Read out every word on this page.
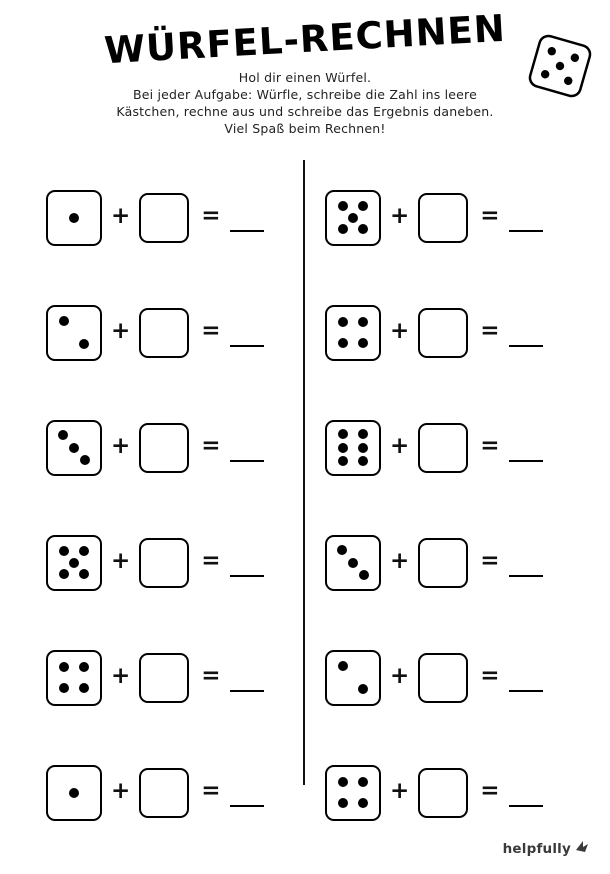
WÜRFEL-RECHNEN
Hol dir einen Würfel.
Bei jeder Aufgabe: Würfle, schreibe die Zahl ins leere
Kästchen, rechne aus und schreibe das Ergebnis daneben.
Viel Spaß beim Rechnen!
+	=
+	=
+	=
+	=
+	=
+	=
+	=
+	=
+	=
+	=
+	=
+	=
helpfully
